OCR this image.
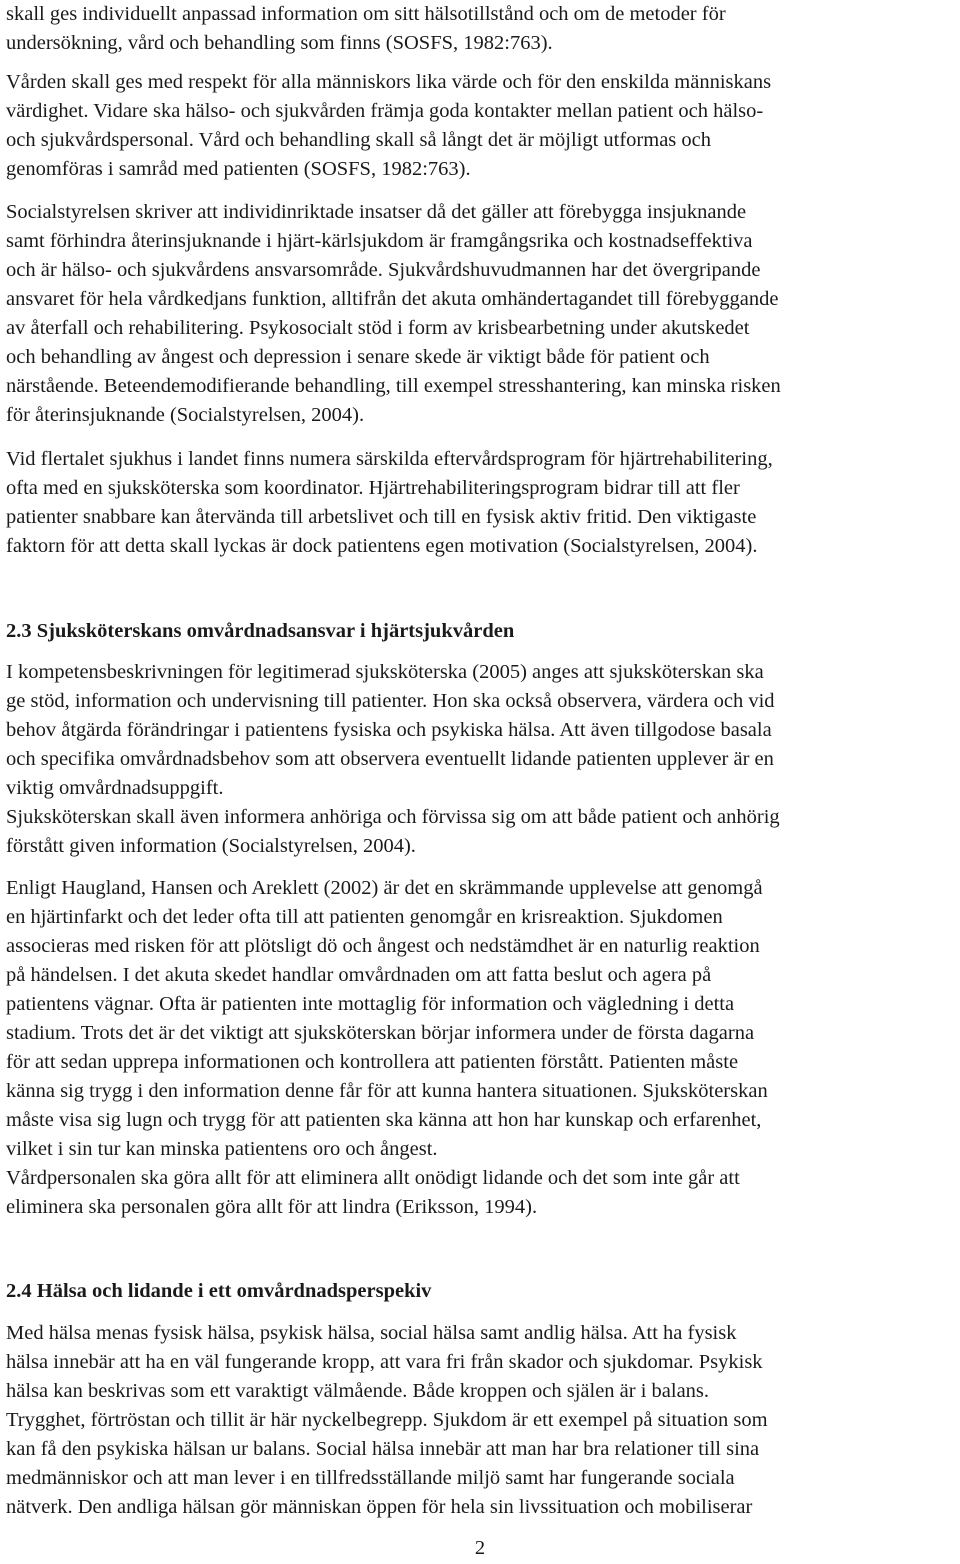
skall ges individuellt anpassad information om sitt hälsotillstånd och om de metoder för
undersökning, vård och behandling som finns (SOSFS, 1982:763).

Vården skall ges med respekt för alla människors lika värde och för den enskilda människans
värdighet. Vidare ska hälso- och sjukvården främja goda kontakter mellan patient och hälso-
och sjukvårdspersonal. Vård och behandling skall så långt det är möjligt utformas och
genomföras i samråd med patienten (SOSFS, 1982:763).

Socialstyrelsen skriver att individinriktade insatser då det gäller att förebygga insjuknande
samt förhindra återinsjuknande i hjärt-kärlsjukdom är framgångsrika och kostnadseffektiva
och är hälso- och sjukvårdens ansvarsområde. Sjukvårdshuvudmannen har det övergripande
ansvaret för hela vårdkedjans funktion, alltifrån det akuta omhändertagandet till förebyggande
av återfall och rehabilitering. Psykosocialt stöd i form av krisbearbetning under akutskedet
och behandling av ångest och depression i senare skede är viktigt både för patient och
närstående. Beteendemodifierande behandling, till exempel stresshantering, kan minska risken
för återinsjuknande (Socialstyrelsen, 2004).

Vid flertalet sjukhus i landet finns numera särskilda eftervårdsprogram för hjärtrehabilitering,
ofta med en sjuksköterska som koordinator. Hjärtrehabiliteringsprogram bidrar till att fler
patienter snabbare kan återvända till arbetslivet och till en fysisk aktiv fritid. Den viktigaste
faktorn för att detta skall lyckas är dock patientens egen motivation (Socialstyrelsen, 2004).

2.3 Sjuksköterskans omvårdnadsansvar i hjärtsjukvården

I kompetensbeskrivningen för legitimerad sjuksköterska (2005) anges att sjuksköterskan ska
ge stöd, information och undervisning till patienter. Hon ska också observera, värdera och vid
behov åtgärda förändringar i patientens fysiska och psykiska hälsa. Att även tillgodose basala
och specifika omvårdnadsbehov som att observera eventuellt lidande patienten upplever är en
viktig omvårdnadsuppgift.
Sjuksköterskan skall även informera anhöriga och förvissa sig om att både patient och anhörig
förstått given information (Socialstyrelsen, 2004).

Enligt Haugland, Hansen och Areklett (2002) är det en skrämmande upplevelse att genomgå
en hjärtinfarkt och det leder ofta till att patienten genomgår en krisreaktion. Sjukdomen
associeras med risken för att plötsligt dö och ångest och nedstämdhet är en naturlig reaktion
på händelsen. I det akuta skedet handlar omvårdnaden om att fatta beslut och agera på
patientens vägnar. Ofta är patienten inte mottaglig för information och vägledning i detta
stadium. Trots det är det viktigt att sjuksköterskan börjar informera under de första dagarna
för att sedan upprepa informationen och kontrollera att patienten förstått. Patienten måste
känna sig trygg i den information denne får för att kunna hantera situationen. Sjuksköterskan
måste visa sig lugn och trygg för att patienten ska känna att hon har kunskap och erfarenhet,
vilket i sin tur kan minska patientens oro och ångest.
Vårdpersonalen ska göra allt för att eliminera allt onödigt lidande och det som inte går att
eliminera ska personalen göra allt för att lindra (Eriksson, 1994).

2.4 Hälsa och lidande i ett omvårdnadsperspekiv

Med hälsa menas fysisk hälsa, psykisk hälsa, social hälsa samt andlig hälsa. Att ha fysisk
hälsa innebär att ha en väl fungerande kropp, att vara fri från skador och sjukdomar. Psykisk
hälsa kan beskrivas som ett varaktigt välmående. Både kroppen och själen är i balans.
Trygghet, förtröstan och tillit är här nyckelbegrepp. Sjukdom är ett exempel på situation som
kan få den psykiska hälsan ur balans. Social hälsa innebär att man har bra relationer till sina
medmänniskor och att man lever i en tillfredsställande miljö samt har fungerande sociala
nätverk. Den andliga hälsan gör människan öppen för hela sin livssituation och mobiliserar

2
